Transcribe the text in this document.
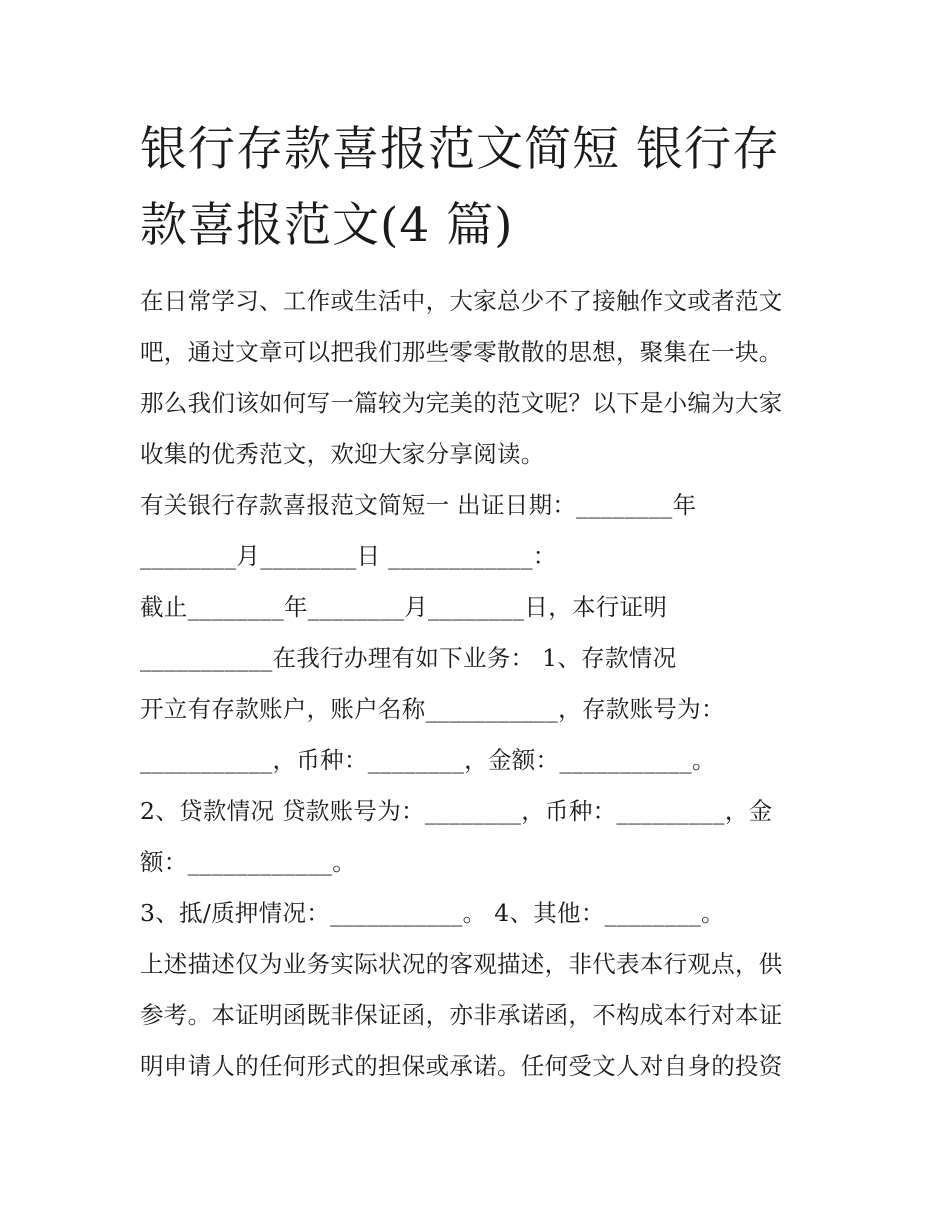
银行存款喜报范文简短 银行存
款喜报范文(4 篇)
在日常学习、工作或生活中，大家总少不了接触作文或者范文
吧，通过文章可以把我们那些零零散散的思想，聚集在一块。
那么我们该如何写一篇较为完美的范文呢？以下是小编为大家
收集的优秀范文，欢迎大家分享阅读。
有关银行存款喜报范文简短一 出证日期：________年
________月________日 ____________：
截止________年________月________日，本行证明
___________在我行办理有如下业务： 1、存款情况
开立有存款账户，账户名称___________，存款账号为：
___________，币种：________，金额：___________。
2、贷款情况 贷款账号为：________，币种：_________，金
额：____________。
3、抵/质押情况：___________。 4、其他：________。
上述描述仅为业务实际状况的客观描述，非代表本行观点，供
参考。本证明函既非保证函，亦非承诺函，不构成本行对本证
明申请人的任何形式的担保或承诺。任何受文人对自身的投资
